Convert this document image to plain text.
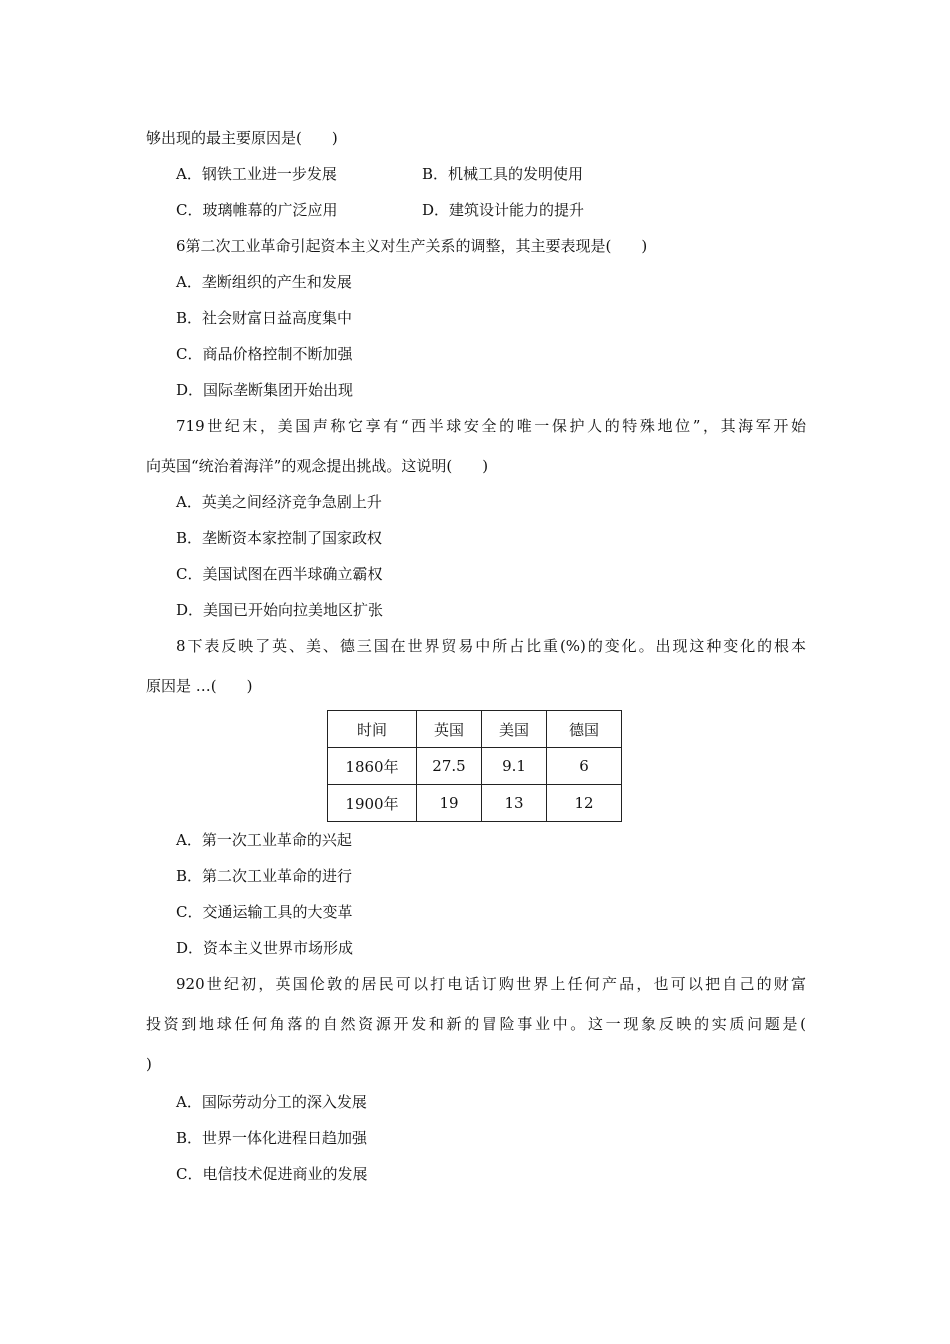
够出现的最主要原因是(　　)
A．钢铁工业进一步发展	B．机械工具的发明使用
C．玻璃帷幕的广泛应用	D．建筑设计能力的提升
6第二次工业革命引起资本主义对生产关系的调整，其主要表现是(　　)
A．垄断组织的产生和发展
B．社会财富日益高度集中
C．商品价格控制不断加强
D．国际垄断集团开始出现
719世纪末，美国声称它享有“西半球安全的唯一保护人的特殊地位”，其海军开始
向英国“统治着海洋”的观念提出挑战。这说明(　　)
A．英美之间经济竞争急剧上升
B．垄断资本家控制了国家政权
C．美国试图在西半球确立霸权
D．美国已开始向拉美地区扩张
8下表反映了英、美、德三国在世界贸易中所占比重(%)的变化。出现这种变化的根本
原因是 …(　　)
时间	英国	美国	德国
1860年	27.5	9.1	6
1900年	19	13	12
A．第一次工业革命的兴起
B．第二次工业革命的进行
C．交通运输工具的大变革
D．资本主义世界市场形成
920世纪初，英国伦敦的居民可以打电话订购世界上任何产品，也可以把自己的财富
投资到地球任何角落的自然资源开发和新的冒险事业中。这一现象反映的实质问题是(
)
A．国际劳动分工的深入发展
B．世界一体化进程日趋加强
C．电信技术促进商业的发展
